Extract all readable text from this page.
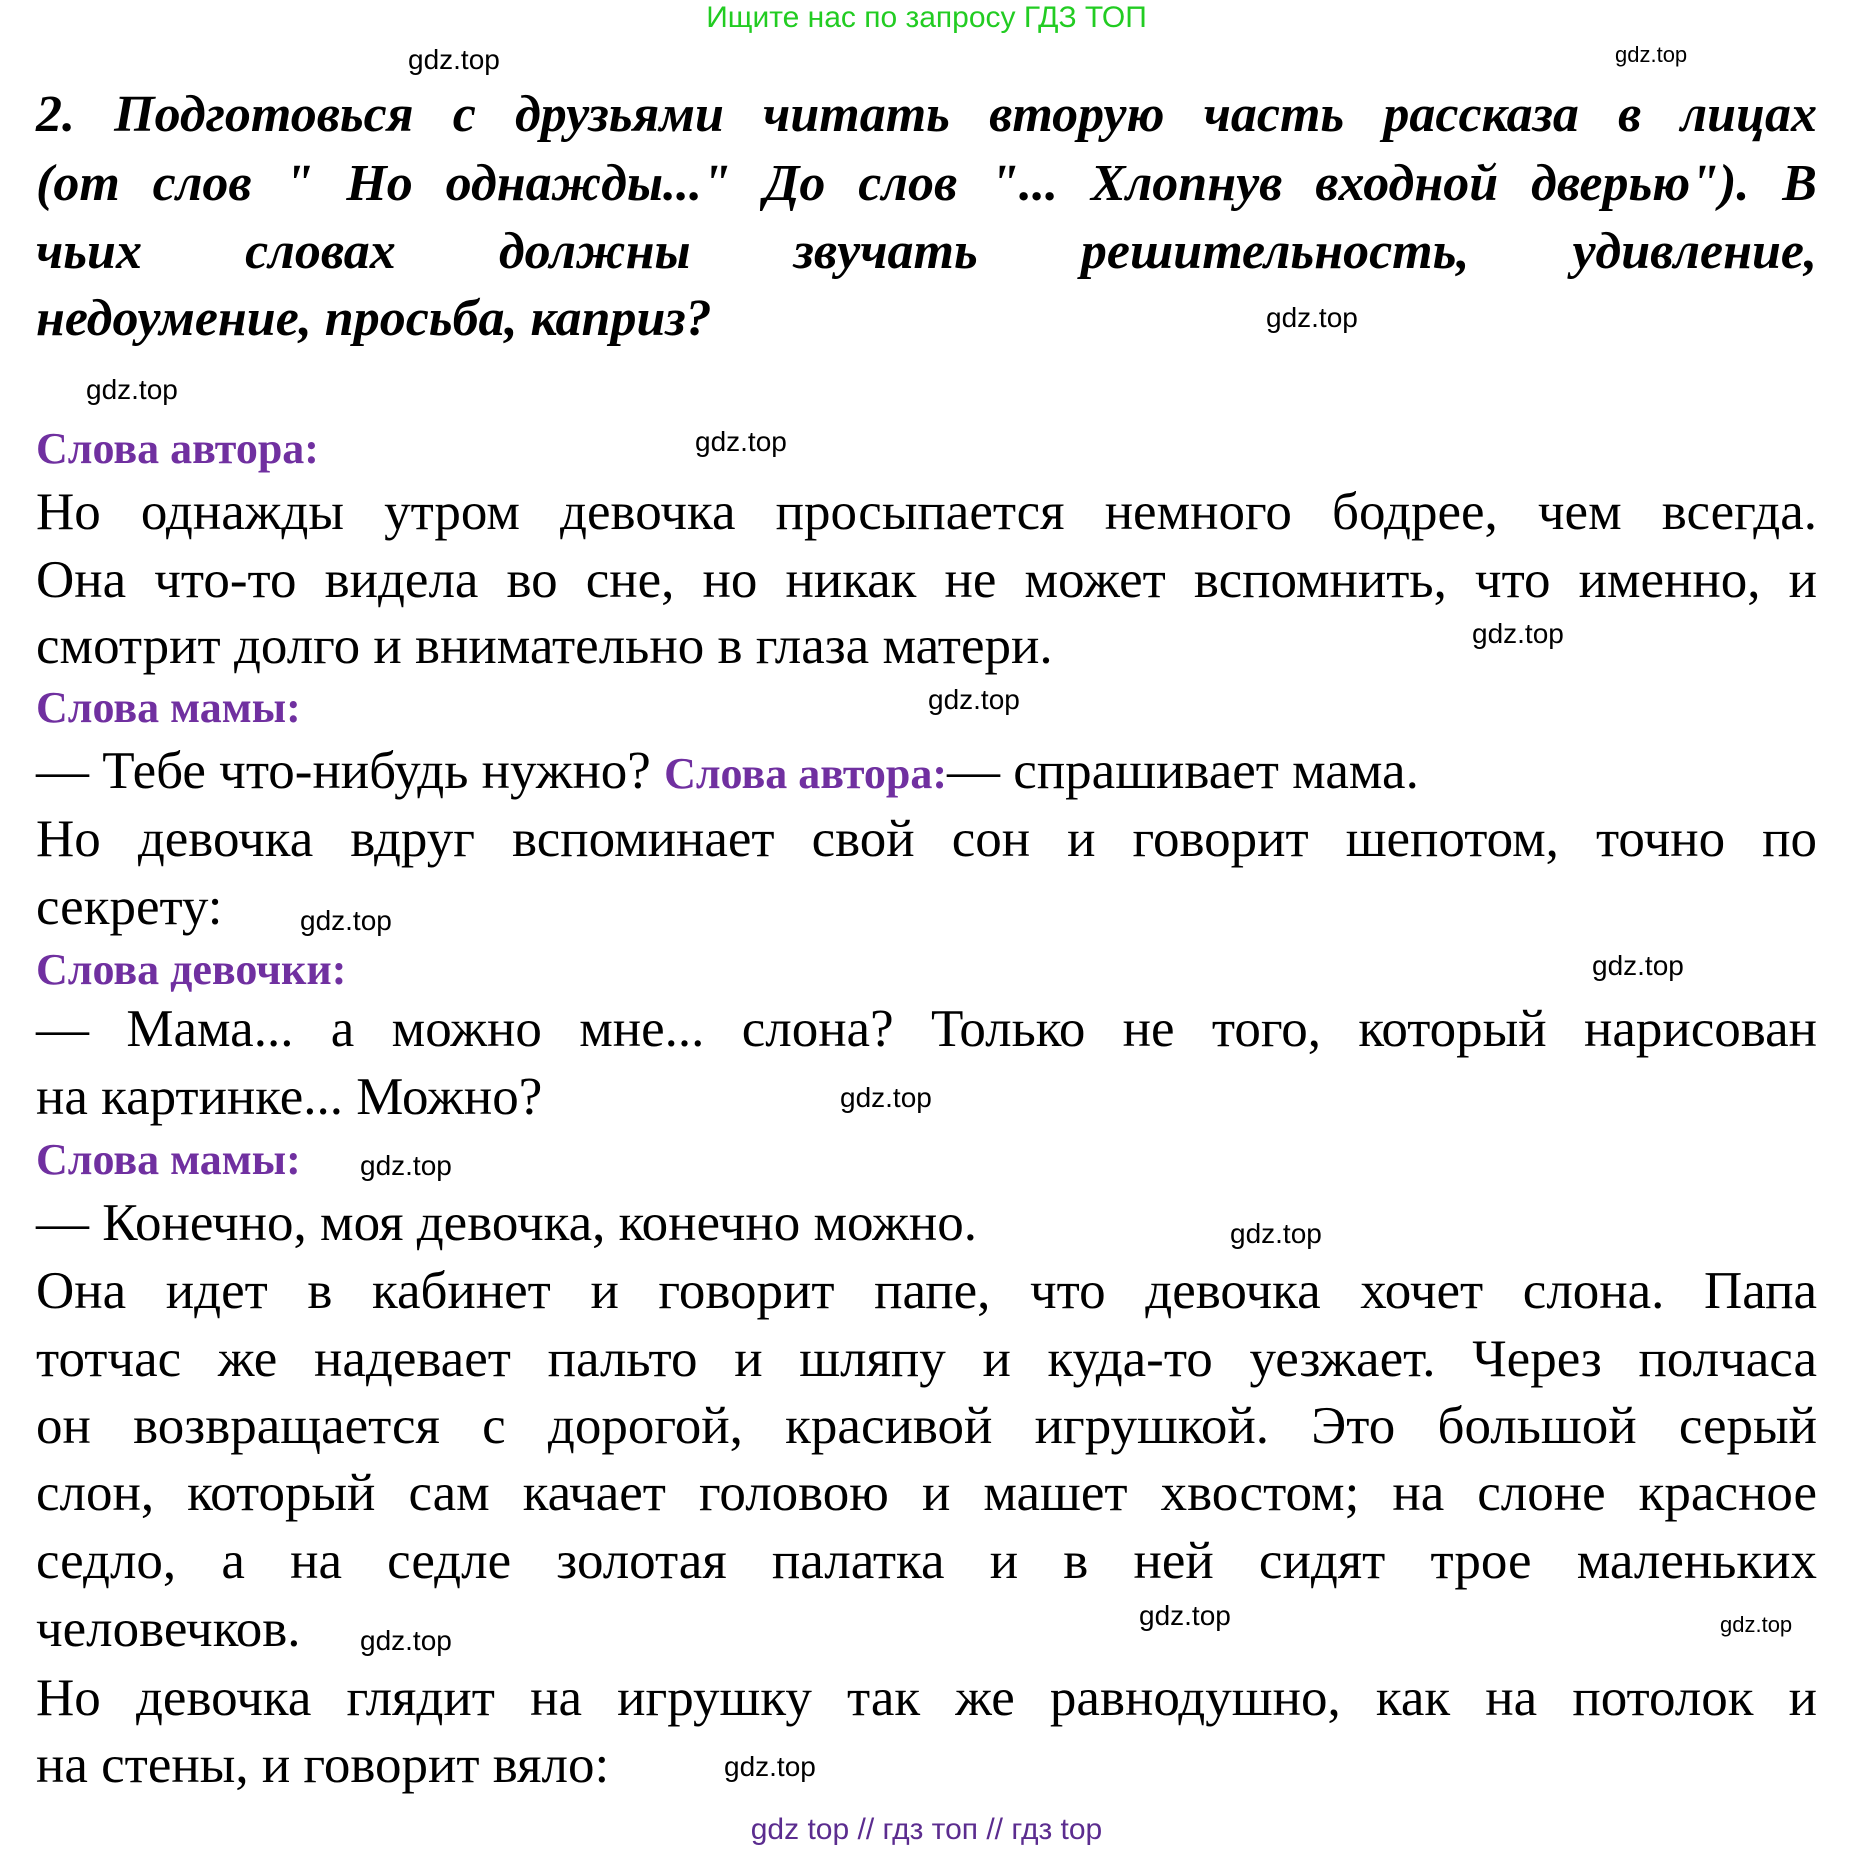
Ищите нас по запросу ГДЗ ТОП
2. Подготовься с друзьями читать вторую часть рассказа в лицах
(от слов " Но однажды..." До слов "... Хлопнув входной дверью"). В
чьих словах должны звучать решительность, удивление,
недоумение, просьба, каприз?
Слова автора:
Но однажды утром девочка просыпается немного бодрее, чем всегда.
Она что-то видела во сне, но никак не может вспомнить, что именно, и
смотрит долго и внимательно в глаза матери.
Слова мамы:
— Тебе что-нибудь нужно? Слова автора:— спрашивает мама.
Но девочка вдруг вспоминает свой сон и говорит шепотом, точно по
секрету:
Слова девочки:
— Мама... а можно мне... слона? Только не того, который нарисован
на картинке... Можно?
Слова мамы:
— Конечно, моя девочка, конечно можно.
Она идет в кабинет и говорит папе, что девочка хочет слона. Папа
тотчас же надевает пальто и шляпу и куда-то уезжает. Через полчаса
он возвращается с дорогой, красивой игрушкой. Это большой серый
слон, который сам качает головою и машет хвостом; на слоне красное
седло, а на седле золотая палатка и в ней сидят трое маленьких
человечков.
Но девочка глядит на игрушку так же равнодушно, как на потолок и
на стены, и говорит вяло:
gdz.top	gdz.top
gdz.top
gdz.top
gdz.top
gdz.top
gdz.top
gdz.top
gdz.top
gdz.top
gdz.top
gdz.top
gdz.top
gdz.top
gdz.top
gdz.top
gdz top // гдз топ // гдз top
